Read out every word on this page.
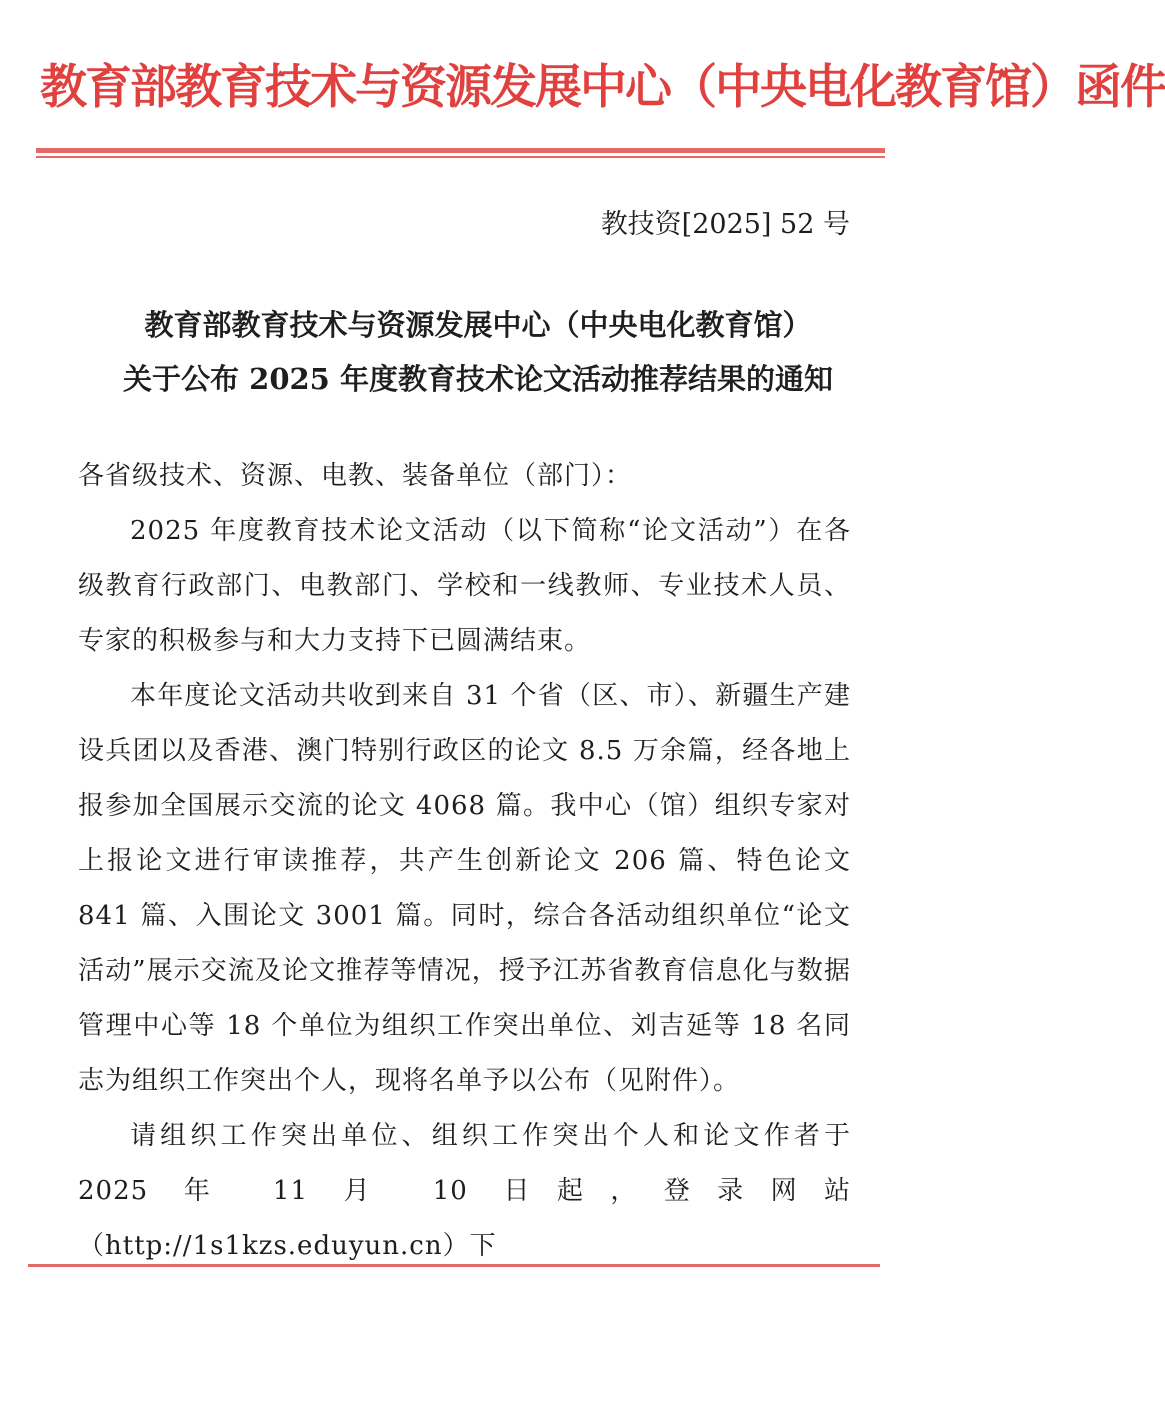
教育部教育技术与资源发展中心（中央电化教育馆）函件
教技资[2025] 52 号
教育部教育技术与资源发展中心（中央电化教育馆）
关于公布 2025 年度教育技术论文活动推荐结果的通知

各省级技术、资源、电教、装备单位（部门）：

2025 年度教育技术论文活动（以下简称“论文活动”）在各级教育行政部门、电教部门、学校和一线教师、专业技术人员、专家的积极参与和大力支持下已圆满结束。

本年度论文活动共收到来自 31 个省（区、市）、新疆生产建设兵团以及香港、澳门特别行政区的论文 8.5 万余篇，经各地上报参加全国展示交流的论文 4068 篇。我中心（馆）组织专家对上报论文进行审读推荐，共产生创新论文 206 篇、特色论文 841 篇、入围论文 3001 篇。同时，综合各活动组织单位“论文活动”展示交流及论文推荐等情况，授予江苏省教育信息化与数据管理中心等 18 个单位为组织工作突出单位、刘吉延等 18 名同志为组织工作突出个人，现将名单予以公布（见附件）。

请组织工作突出单位、组织工作突出个人和论文作者于 2025 年 11 月 10 日起，登录网站（http://1s1kzs.eduyun.cn）下
